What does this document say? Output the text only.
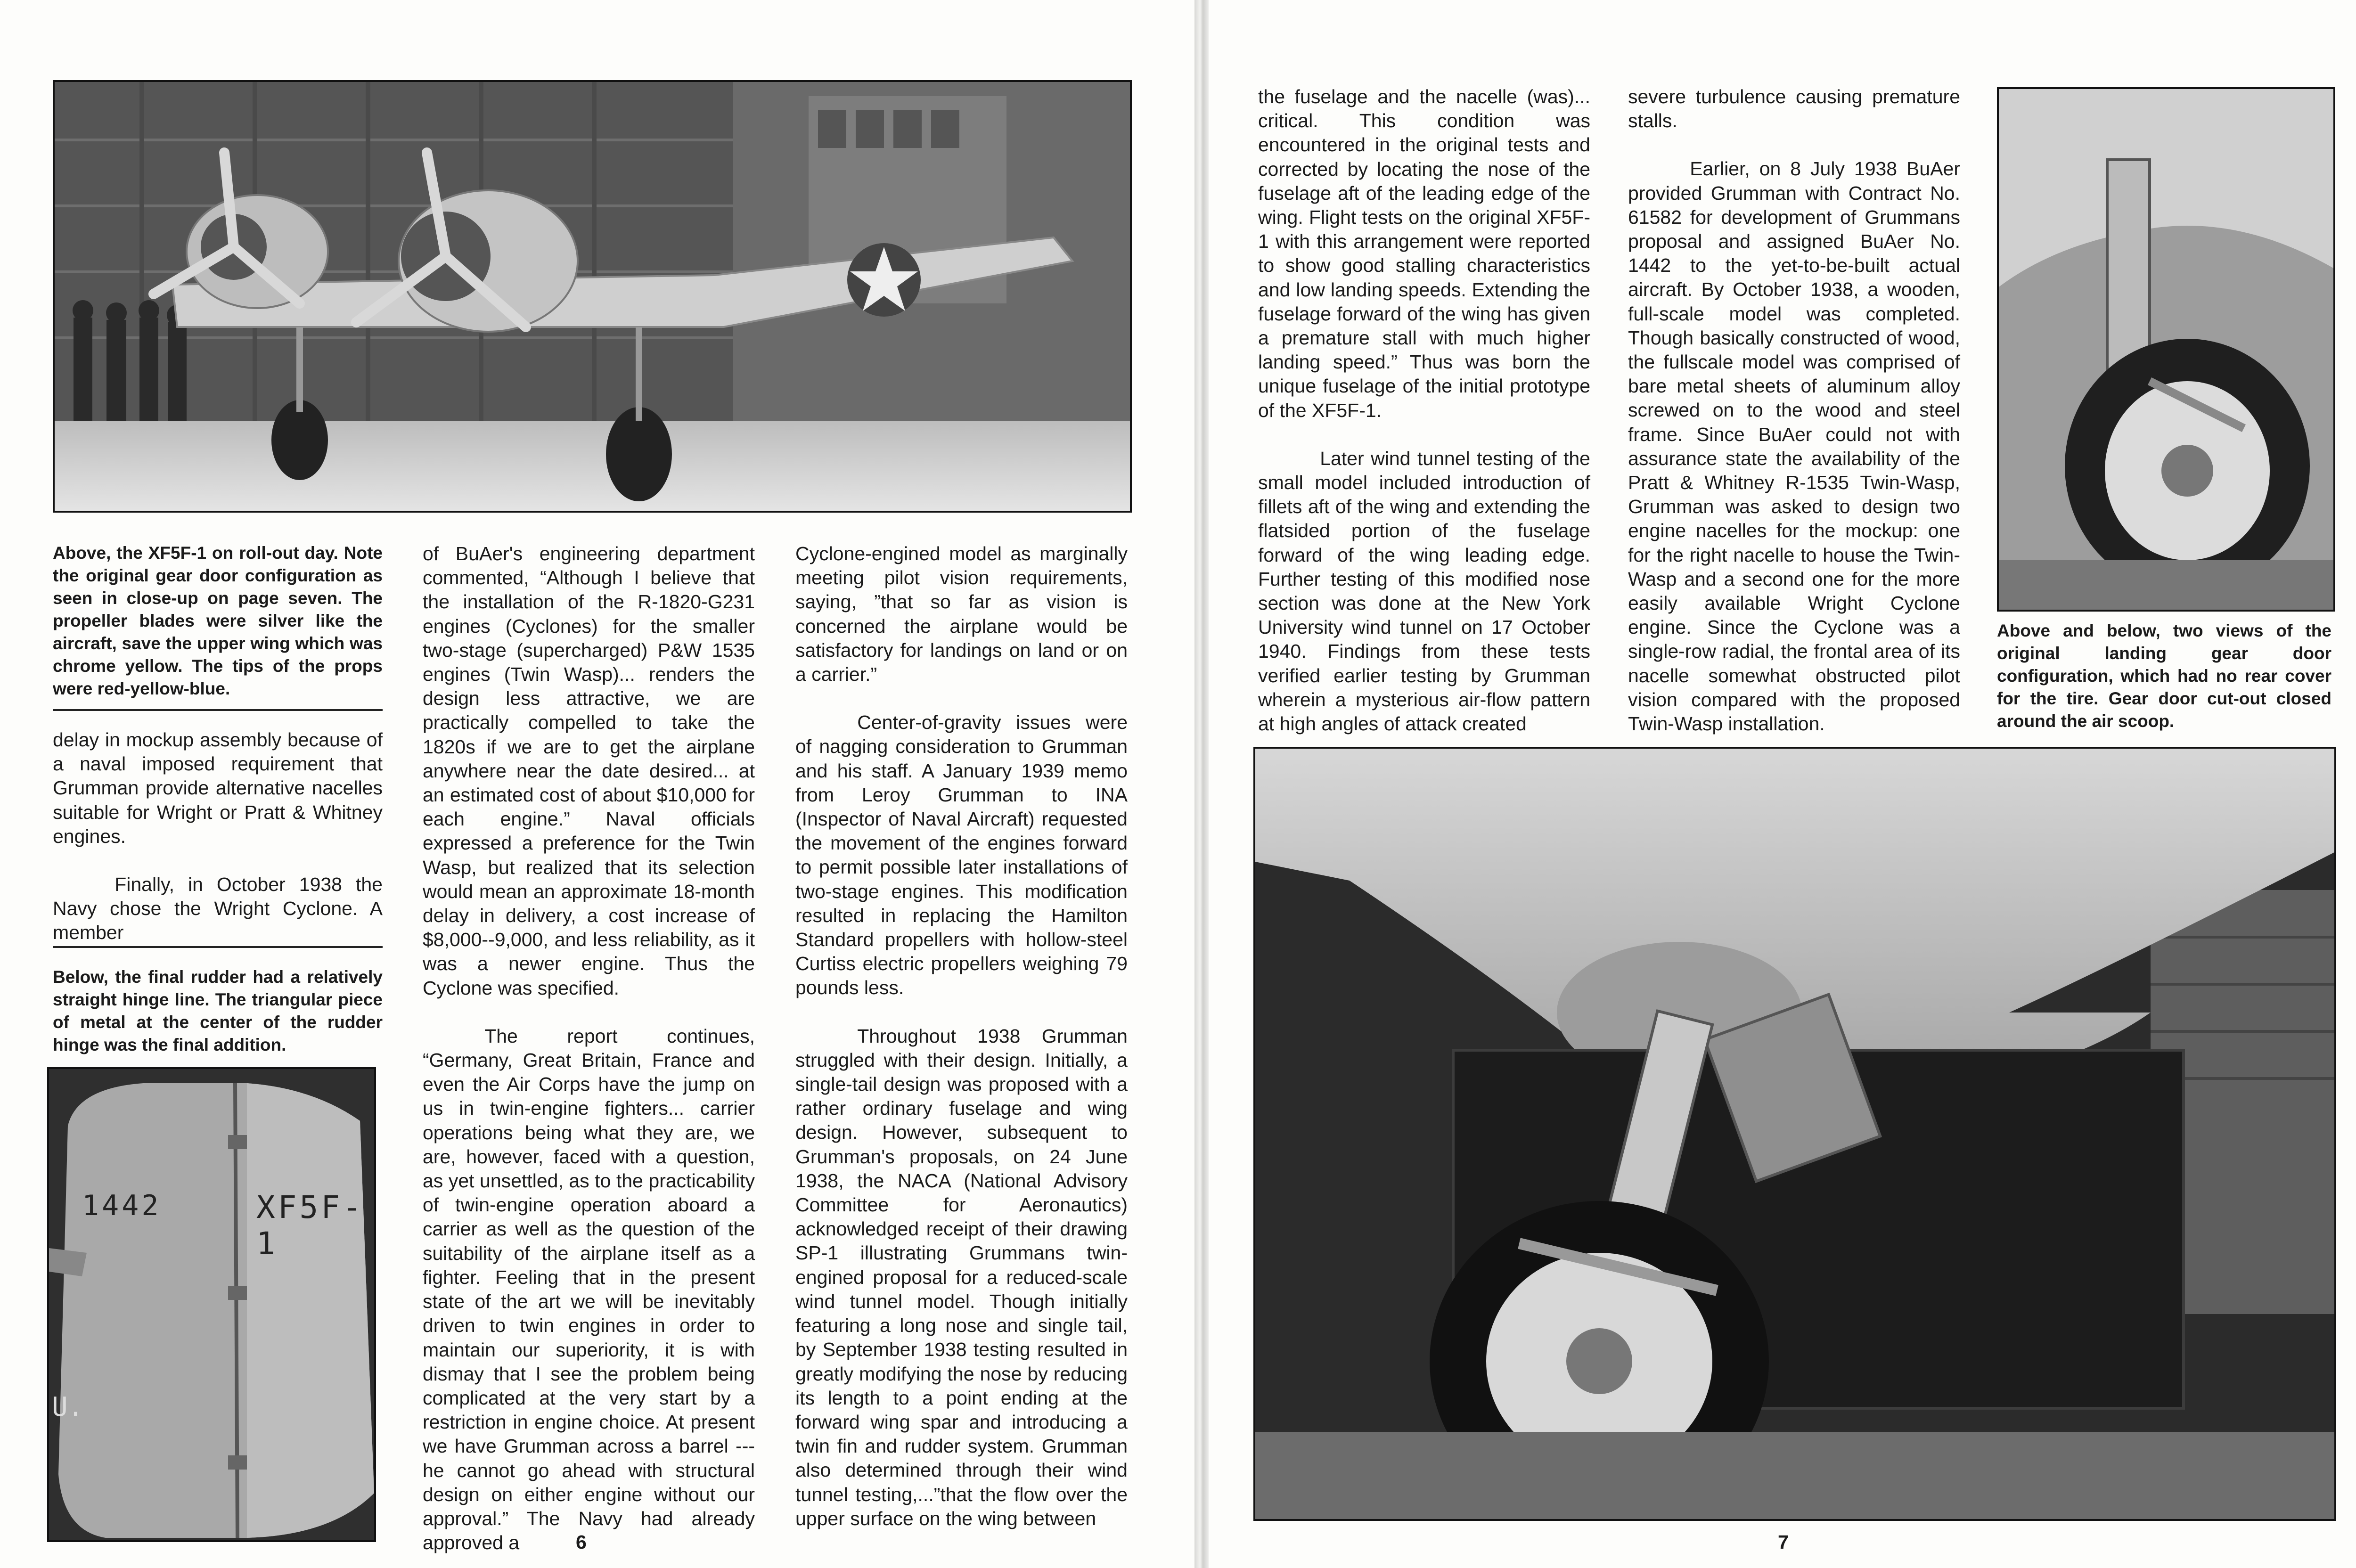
Above, the XF5F-1 on roll-out day. Note the original gear door configuration as seen in close-up on page seven. The propeller blades were silver like the aircraft, save the upper wing which was chrome yellow. The tips of the props were red-yellow-blue.

delay in mockup assembly because of a naval imposed requirement that Grumman provide alternative nacelles suitable for Wright or Pratt & Whitney engines.

Finally, in October 1938 the Navy chose the Wright Cyclone. A member

Below, the final rudder had a relatively straight hinge line. The triangular piece of metal at the center of the rudder hinge was the final addition.
1442	XF5F-1
U.

of BuAer's engineering department commented, “Although I believe that the installation of the R-1820-G231 engines (Cyclones) for the smaller two-stage (supercharged) P&W 1535 engines (Twin Wasp)... renders the design less attractive, we are practically compelled to take the 1820s if we are to get the airplane anywhere near the date desired... at an estimated cost of about $10,000 for each engine.” Naval officials expressed a preference for the Twin Wasp, but realized that its selection would mean an approximate 18-month delay in delivery, a cost increase of $8,000--9,000, and less reliability, as it was a newer engine. Thus the Cyclone was specified.

The report continues, “Germany, Great Britain, France and even the Air Corps have the jump on us in twin-engine fighters... carrier operations being what they are, we are, however, faced with a question, as yet unsettled, as to the practicability of twin-engine operation aboard a carrier as well as the question of the suitability of the airplane itself as a fighter. Feeling that in the present state of the art we will be inevitably driven to twin engines in order to maintain our superiority, it is with dismay that I see the problem being complicated at the very start by a restriction in engine choice. At present we have Grumman across a barrel --- he cannot go ahead with structural design on either engine without our approval.” The Navy had already approved a

Cyclone-engined model as marginally meeting pilot vision requirements, saying, ”that so far as vision is concerned the airplane would be satisfactory for landings on land or on a carrier.”

Center-of-gravity issues were of nagging consideration to Grumman and his staff. A January 1939 memo from Leroy Grumman to INA (Inspector of Naval Aircraft) requested the movement of the engines forward to permit possible later installations of two-stage engines. This modification resulted in replacing the Hamilton Standard propellers with hollow-steel Curtiss electric propellers weighing 79 pounds less.

Throughout 1938 Grumman struggled with their design. Initially, a single-tail design was proposed with a rather ordinary fuselage and wing design. However, subsequent to Grumman's proposals, on 24 June 1938, the NACA (National Advisory Committee for Aeronautics) acknowledged receipt of their drawing SP-1 illustrating Grummans twin-engined proposal for a reduced-scale wind tunnel model. Though initially featuring a long nose and single tail, by September 1938 testing resulted in greatly modifying the nose by reducing its length to a point ending at the forward wing spar and introducing a twin fin and rudder system. Grumman also determined through their wind tunnel testing,...”that the flow over the upper surface on the wing between

6

the fuselage and the nacelle (was)... critical. This condition was encountered in the original tests and corrected by locating the nose of the fuselage aft of the leading edge of the wing. Flight tests on the original XF5F-1 with this arrangement were reported to show good stalling characteristics and low landing speeds. Extending the fuselage forward of the wing has given a premature stall with much higher landing speed.” Thus was born the unique fuselage of the initial prototype of the XF5F-1.

Later wind tunnel testing of the small model included introduction of fillets aft of the wing and extending the flatsided portion of the fuselage forward of the wing leading edge. Further testing of this modified nose section was done at the New York University wind tunnel on 17 October 1940. Findings from these tests verified earlier testing by Grumman wherein a mysterious air-flow pattern at high angles of attack created

severe turbulence causing premature stalls.

Earlier, on 8 July 1938 BuAer provided Grumman with Contract No. 61582 for development of Grummans proposal and assigned BuAer No. 1442 to the yet-to-be-built actual aircraft. By October 1938, a wooden, full-scale model was completed. Though basically constructed of wood, the fullscale model was comprised of bare metal sheets of aluminum alloy screwed on to the wood and steel frame. Since BuAer could not with assurance state the availability of the Pratt & Whitney R-1535 Twin-Wasp, Grumman was asked to design two engine nacelles for the mockup: one for the right nacelle to house the Twin-Wasp and a second one for the more easily available Wright Cyclone engine. Since the Cyclone was a single-row radial, the frontal area of its nacelle somewhat obstructed pilot vision compared with the proposed Twin-Wasp installation.

Above and below, two views of the original landing gear door configuration, which had no rear cover for the tire. Gear door cut-out closed around the air scoop.
7
